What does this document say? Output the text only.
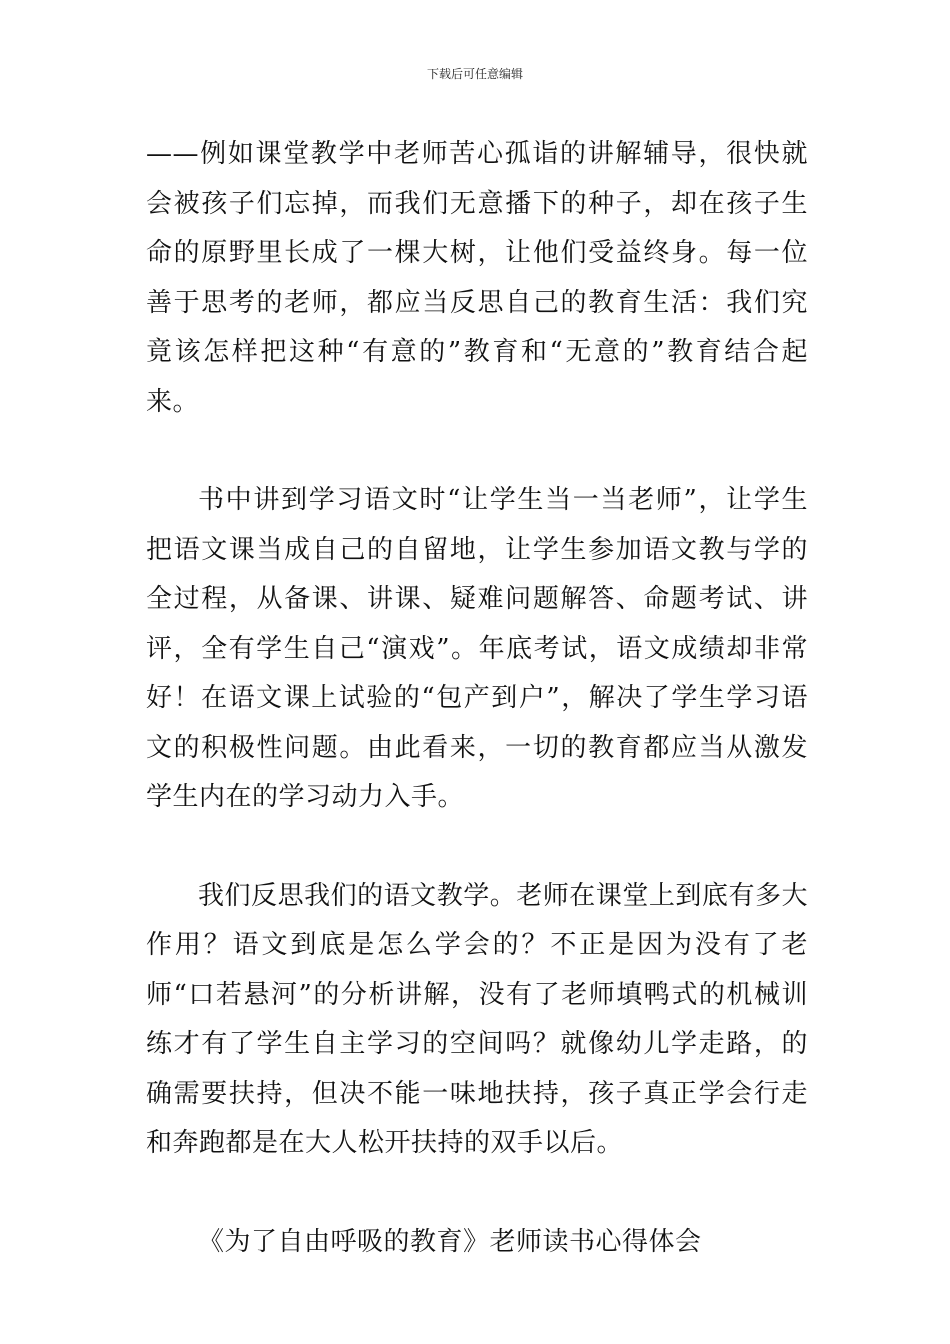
下载后可任意编辑

——例如课堂教学中老师苦心孤诣的讲解辅导，很快就会被孩子们忘掉，而我们无意播下的种子，却在孩子生命的原野里长成了一棵大树，让他们受益终身。每一位善于思考的老师，都应当反思自己的教育生活：我们究竟该怎样把这种“有意的”教育和“无意的”教育结合起来。

书中讲到学习语文时“让学生当一当老师”，让学生把语文课当成自己的自留地，让学生参加语文教与学的全过程，从备课、讲课、疑难问题解答、命题考试、讲评，全有学生自己“演戏”。年底考试，语文成绩却非常好！在语文课上试验的“包产到户”，解决了学生学习语文的积极性问题。由此看来，一切的教育都应当从激发学生内在的学习动力入手。

我们反思我们的语文教学。老师在课堂上到底有多大作用？语文到底是怎么学会的？不正是因为没有了老师“口若悬河”的分析讲解，没有了老师填鸭式的机械训练才有了学生自主学习的空间吗？就像幼儿学走路，的确需要扶持，但决不能一味地扶持，孩子真正学会行走和奔跑都是在大人松开扶持的双手以后。

《为了自由呼吸的教育》老师读书心得体会
